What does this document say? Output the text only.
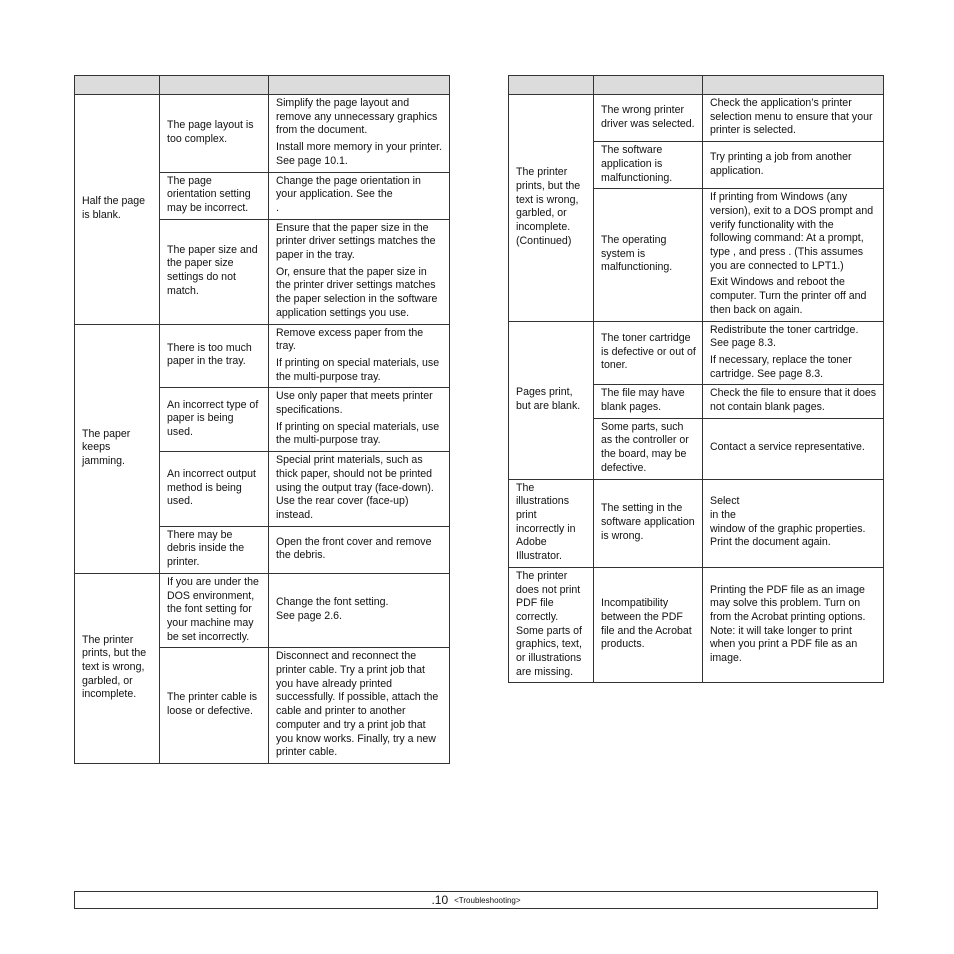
Half the page is blank.	The page layout is too complex.	Simplify the page layout and remove any unnecessary graphics from the document.

Install more memory in your printer. See page 10.1.

	The page orientation setting may be incorrect.	Change the page orientation in your application. See the
.

	The paper size and the paper size settings do not match.	Ensure that the paper size in the printer driver settings matches the paper in the tray.

Or, ensure that the paper size in the printer driver settings matches the paper selection in the software application settings you use.

The paper keeps jamming.	There is too much paper in the tray.	Remove excess paper from the tray.

If printing on special materials, use the multi-purpose tray.

	An incorrect type of paper is being used.	Use only paper that meets printer specifications.

If printing on special materials, use the multi-purpose tray.

	An incorrect output method is being used.	Special print materials, such as thick paper, should not be printed using the output tray (face-down). Use the rear cover (face-up) instead.

	There may be debris inside the printer.	Open the front cover and remove the debris.

The printer prints, but the text is wrong, garbled, or incomplete.	If you are under the DOS environment, the font setting for your machine may be set incorrectly.	Change the font setting.
See page 2.6.

	The printer cable is loose or defective.	Disconnect and reconnect the printer cable. Try a print job that you have already printed successfully. If possible, attach the cable and printer to another computer and try a print job that you know works. Finally, try a new printer cable.

The printer prints, but the text is wrong, garbled, or incomplete. (Continued)	The wrong printer driver was selected.	Check the application’s printer selection menu to ensure that your printer is selected.

	The software application is malfunctioning.	Try printing a job from another application.

	The operating system is malfunctioning.	If printing from Windows (any version), exit to a DOS prompt and verify functionality with the following command: At a prompt, type , and press . (This assumes you are connected to LPT1.)

Exit Windows and reboot the computer. Turn the printer off and then back on again.

Pages print, but are blank.	The toner cartridge is defective or out of toner.	Redistribute the toner cartridge. See page 8.3.

If necessary, replace the toner cartridge. See page 8.3.

	The file may have blank pages.	Check the file to ensure that it does not contain blank pages.

	Some parts, such as the controller or the board, may be defective.	Contact a service representative.

The illustrations print incorrectly in Adobe Illustrator.	The setting in the software application is wrong.	Select
in the
window of the graphic properties. Print the document again.

The printer does not print PDF file correctly. Some parts of graphics, text, or illustrations are missing.	Incompatibility between the PDF file and the Acrobat products.	Printing the PDF file as an image may solve this problem. Turn on from the Acrobat printing options. Note: it will take longer to print when you print a PDF file as an image.

.10 <Troubleshooting>
